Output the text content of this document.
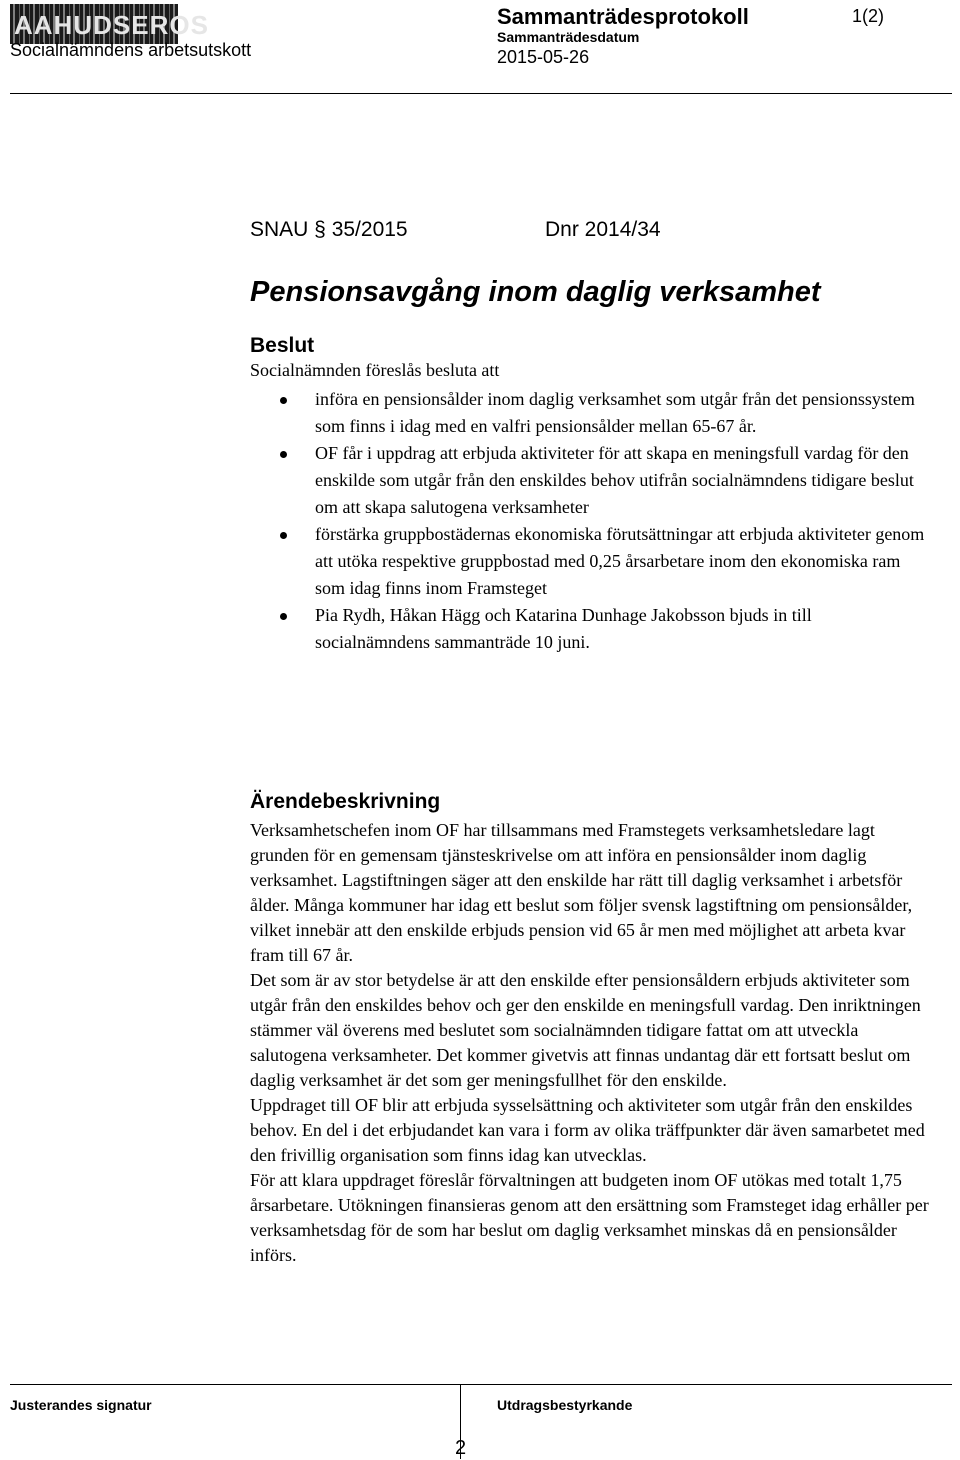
AAHUDSEROS	Sammanträdesprotokoll	1(2)
Sammanträdesdatum
2015-05-26
Socialnämndens arbetsutskott
SNAU § 35/2015	Dnr 2014/34
Pensionsavgång inom daglig verksamhet
Beslut
Socialnämnden föreslås besluta att
införa en pensionsålder inom daglig verksamhet som utgår från det pensionssystem som finns i idag med en valfri pensionsålder mellan 65-67 år.
OF får i uppdrag att erbjuda aktiviteter för att skapa en meningsfull vardag för den enskilde som utgår från den enskildes behov utifrån socialnämndens tidigare beslut om att skapa salutogena verksamheter
förstärka gruppbostädernas ekonomiska förutsättningar att erbjuda aktiviteter genom att utöka respektive gruppbostad med 0,25 årsarbetare inom den ekonomiska ram som idag finns inom Framsteget
Pia Rydh, Håkan Hägg och Katarina Dunhage Jakobsson bjuds in till socialnämndens sammanträde 10 juni.
Ärendebeskrivning

Verksamhetschefen inom OF har tillsammans med Framstegets verksamhetsledare lagt grunden för en gemensam tjänsteskrivelse om att införa en pensionsålder inom daglig verksamhet. Lagstiftningen säger att den enskilde har rätt till daglig verksamhet i arbetsför ålder. Många kommuner har idag ett beslut som följer svensk lagstiftning om pensionsålder, vilket innebär att den enskilde erbjuds pension vid 65 år men med möjlighet att arbeta kvar fram till 67 år.

Det som är av stor betydelse är att den enskilde efter pensionsåldern erbjuds aktiviteter som utgår från den enskildes behov och ger den enskilde en meningsfull vardag. Den inriktningen stämmer väl överens med beslutet som socialnämnden tidigare fattat om att utveckla salutogena verksamheter. Det kommer givetvis att finnas undantag där ett fortsatt beslut om daglig verksamhet är det som ger meningsfullhet för den enskilde.

Uppdraget till OF blir att erbjuda sysselsättning och aktiviteter som utgår från den enskildes behov. En del i det erbjudandet kan vara i form av olika träffpunkter där även samarbetet med den frivillig organisation som finns idag kan utvecklas.

För att klara uppdraget föreslår förvaltningen att budgeten inom OF utökas med totalt 1,75 årsarbetare. Utökningen finansieras genom att den ersättning som Framsteget idag erhåller per verksamhetsdag för de som har beslut om daglig verksamhet minskas då en pensionsålder införs.

Justerandes signatur	Utdragsbestyrkande
2
